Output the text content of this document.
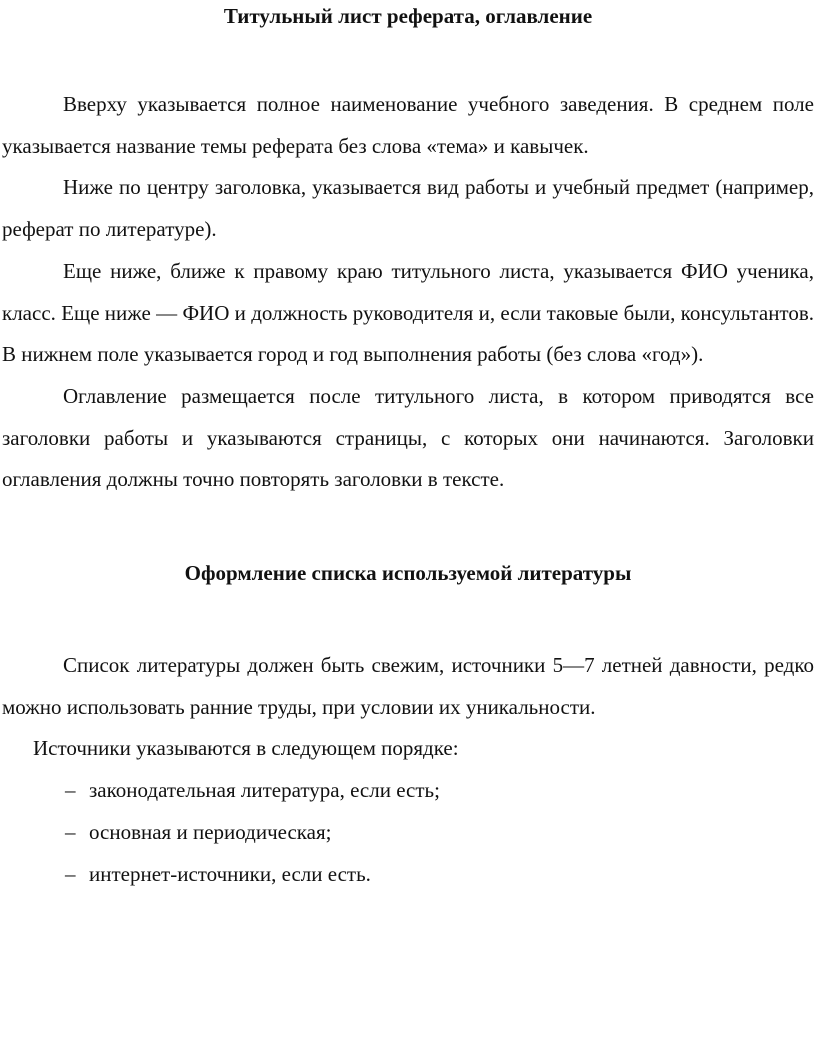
Титульный лист реферата, оглавление

Вверху указывается полное наименование учебного заведения. В среднем поле указывается название темы реферата без слова «тема» и кавычек.

Ниже по центру заголовка, указывается вид работы и учебный предмет (например, реферат по литературе).

Еще ниже, ближе к правому краю титульного листа, указывается ФИО ученика, класс. Еще ниже — ФИО и должность руководителя и, если таковые были, консультантов. В нижнем поле указывается город и год выполнения работы (без слова «год»).

Оглавление размещается после титульного листа, в котором приводятся все заголовки работы и указываются страницы, с которых они начинаются. Заголовки оглавления должны точно повторять заголовки в тексте.

Оформление списка используемой литературы

Список литературы должен быть свежим, источники 5—7 летней давности, редко можно использовать ранние труды, при условии их уникальности.

Источники указываются в следующем порядке:

– законодательная литература, если есть;
– основная и периодическая;
– интернет-источники, если есть.
